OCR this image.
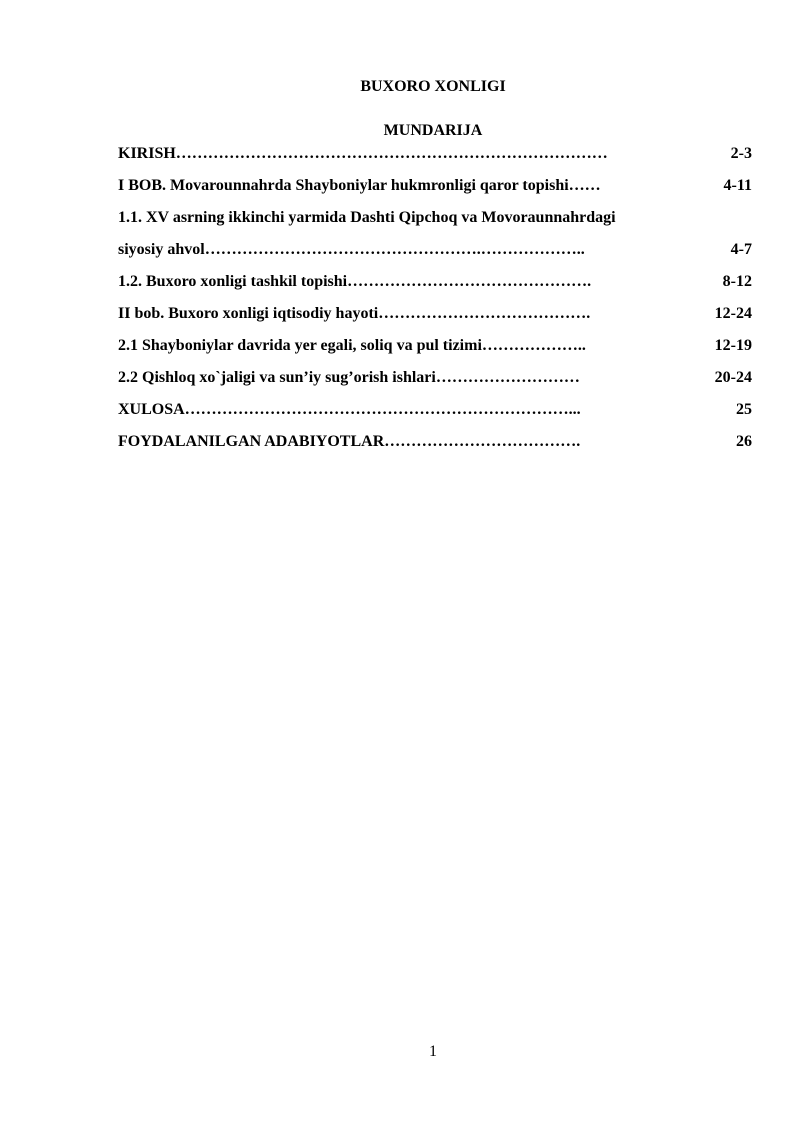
BUXORO XONLIGI
MUNDARIJA
KIRISH………………………………………………………………………	2-3
I BOB. Movarounnahrda Shayboniylar hukmronligi qaror topishi……	4-11
1.1. XV asrning ikkinchi yarmida Dashti Qipchoq va Movoraunnahrdagi
siyosiy ahvol…………………………………………….………………..	4-7
1.2. Buxoro xonligi tashkil topishi……………………………………….	8-12
II bob. Buxoro xonligi iqtisodiy hayoti………………………………….	12-24
2.1 Shayboniylar davrida yer egali, soliq va pul tizimi………………..	12-19
2.2 Qishloq xo`jaligi va sun’iy sug’orish ishlari………………………	20-24
XULOSA………………………………………………………………...	25
FOYDALANILGAN ADABIYOTLAR……………………………….	26
1
